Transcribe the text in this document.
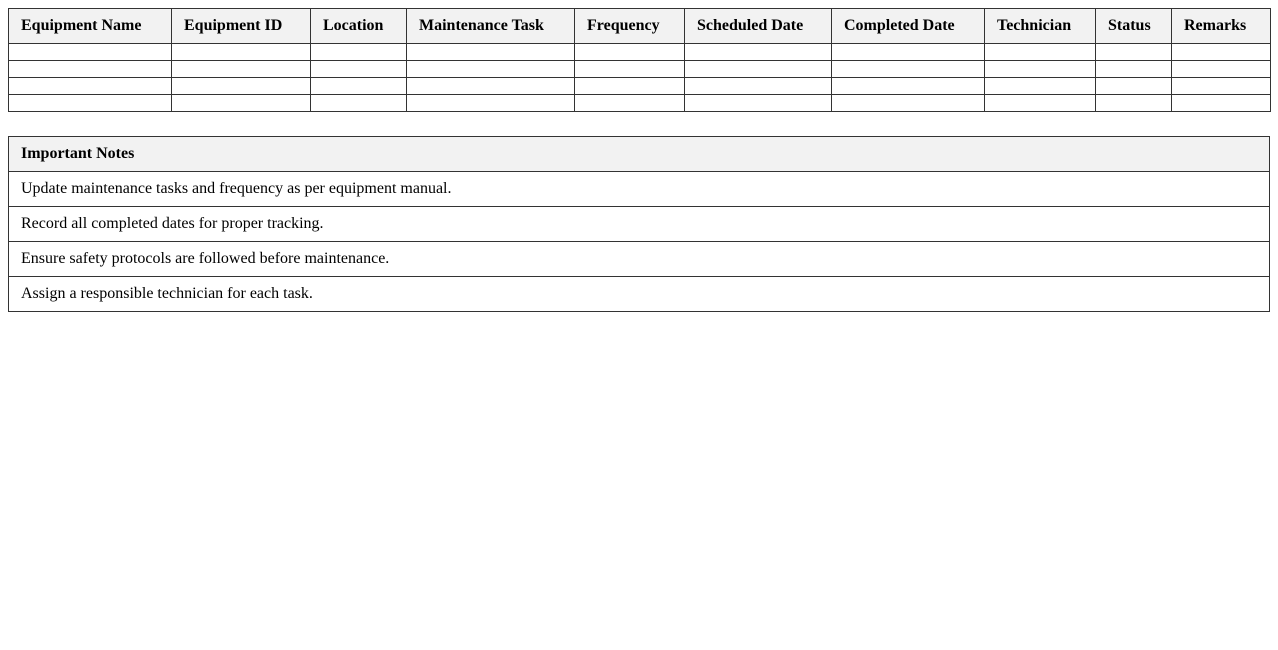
Equipment Name	Equipment ID	Location	Maintenance Task	Frequency	Scheduled Date	Completed Date	Technician	Status	Remarks

Important Notes
Update maintenance tasks and frequency as per equipment manual.
Record all completed dates for proper tracking.
Ensure safety protocols are followed before maintenance.
Assign a responsible technician for each task.
